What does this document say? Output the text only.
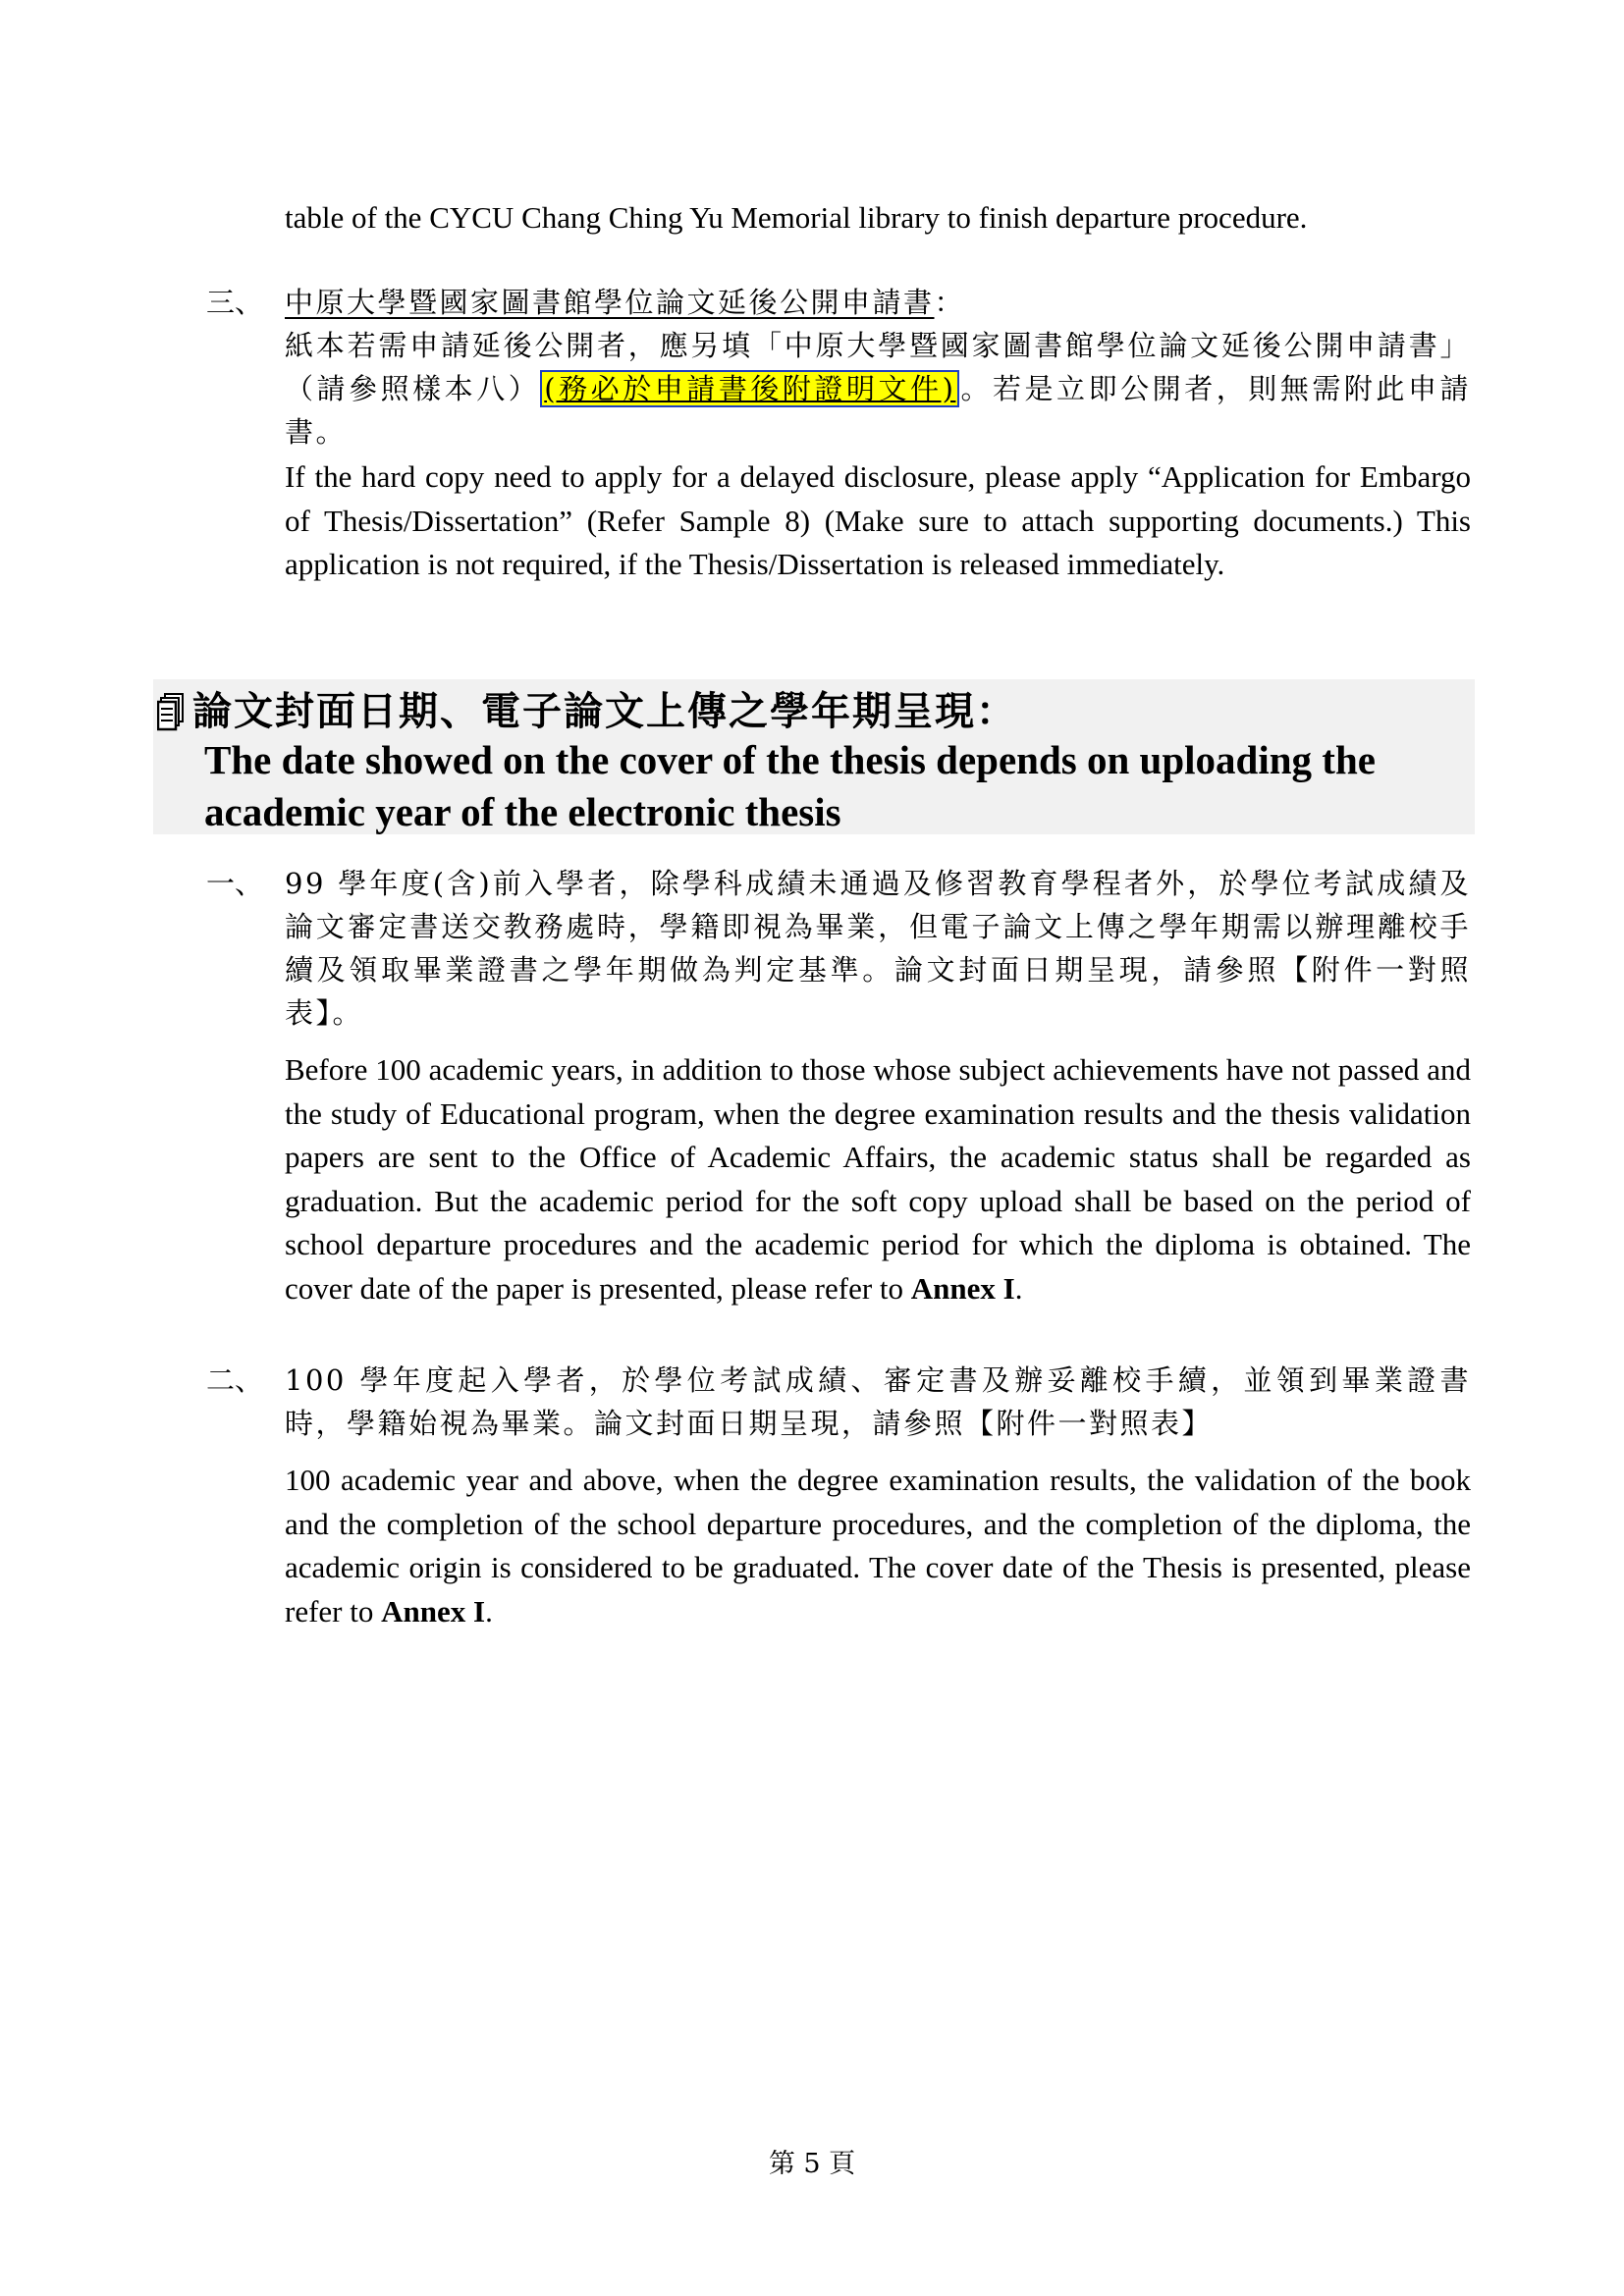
table of the CYCU Chang Ching Yu Memorial library to finish departure procedure.

三、 中原大學暨國家圖書館學位論文延後公開申請書：

紙本若需申請延後公開者，應另填「中原大學暨國家圖書館學位論文延後公開申請書」（請參照樣本八） (務必於申請書後附證明文件) 。若是立即公開者，則無需附此申請書。

If the hard copy need to apply for a delayed disclosure, please apply “Application for Embargo of Thesis/Dissertation” (Refer Sample 8) (Make sure to attach supporting documents.) This application is not required, if the Thesis/Dissertation is released immediately.

論文封面日期、電子論文上傳之學年期呈現：
The date showed on the cover of the thesis depends on uploading the academic year of the electronic thesis
一、 99 學年度(含)前入學者，除學科成績未通過及修習教育學程者外，於學位考試成績及論文審定書送交教務處時，學籍即視為畢業，但電子論文上傳之學年期需以辦理離校手續及領取畢業證書之學年期做為判定基準。論文封面日期呈現，請參照【附件一對照表】。

Before 100 academic years, in addition to those whose subject achievements have not passed and the study of Educational program, when the degree examination results and the thesis validation papers are sent to the Office of Academic Affairs, the academic status shall be regarded as graduation. But the academic period for the soft copy upload shall be based on the period of school departure procedures and the academic period for which the diploma is obtained. The cover date of the paper is presented, please refer to Annex I.

二、 100 學年度起入學者，於學位考試成績、審定書及辦妥離校手續，並領到畢業證書時，學籍始視為畢業。論文封面日期呈現，請參照【附件一對照表】

100 academic year and above, when the degree examination results, the validation of the book and the completion of the school departure procedures, and the completion of the diploma, the academic origin is considered to be graduated. The cover date of the Thesis is presented, please refer to Annex I.

第 5 頁
